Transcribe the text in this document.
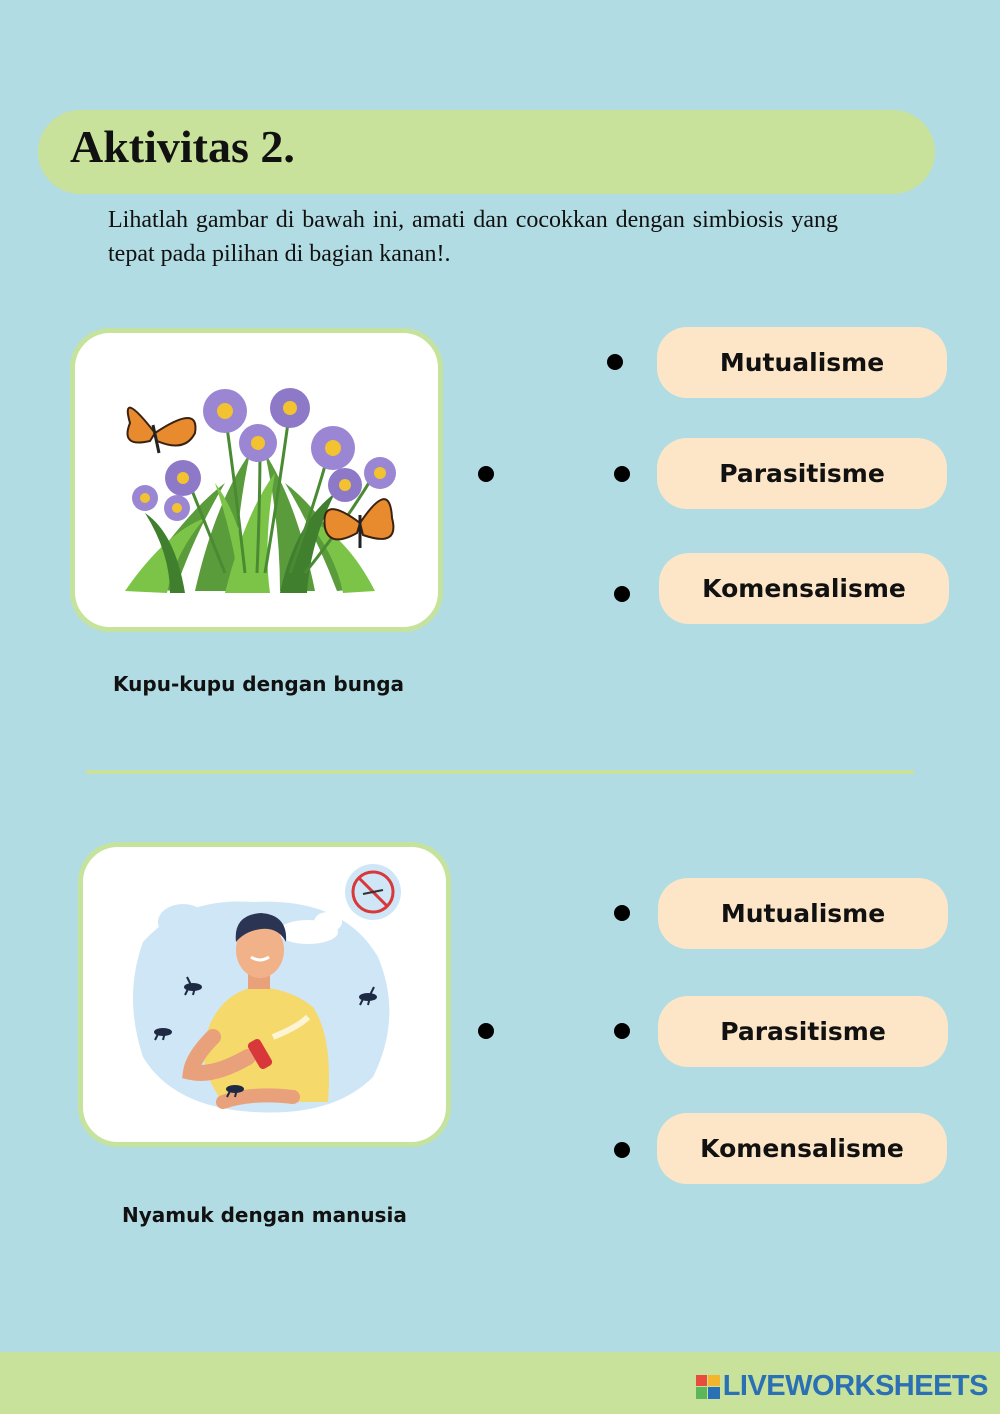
Aktivitas 2.
Lihatlah gambar di bawah ini, amati dan cocokkan dengan simbiosis yang tepat pada pilihan di bagian kanan!.
Kupu-kupu dengan bunga
Mutualisme
Parasitisme
Komensalisme
Nyamuk dengan manusia
Mutualisme
Parasitisme
Komensalisme
LIVEWORKSHEETS
